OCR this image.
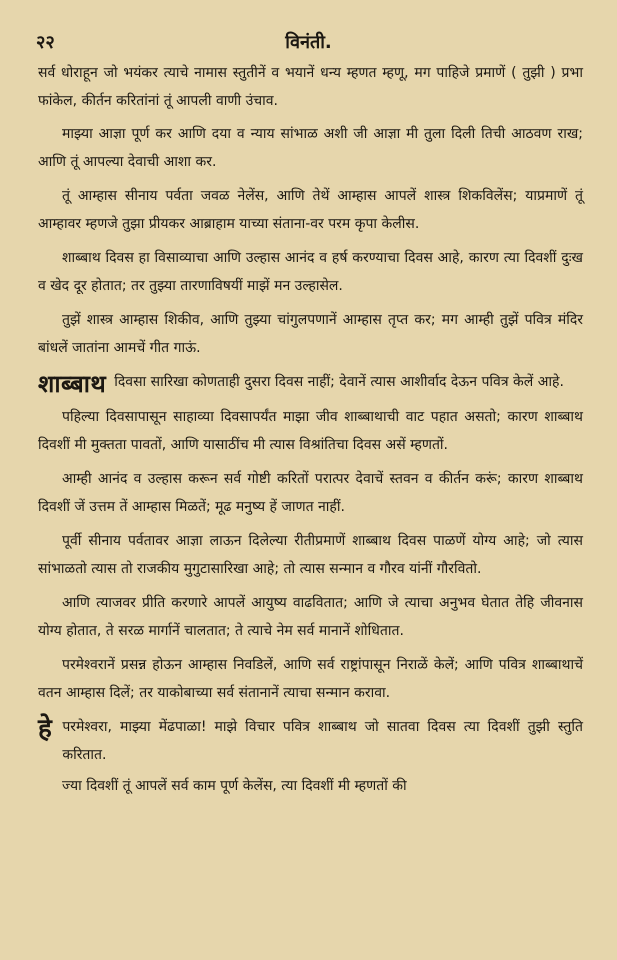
२२	विनंती.

सर्व धोराहून जो भयंकर त्याचे नामास स्तुतीनें व भयानें धन्य म्हणत म्हणू, मग पाहिजे प्रमाणें ( तुझी ) प्रभा फांकेल, कीर्तन करितांनां तूं आपली वाणी उंचाव.

माझ्या आज्ञा पूर्ण कर आणि दया व न्याय सांभाळ अशी जी आज्ञा मी तुला दिली तिची आठवण राख; आणि तूं आपल्या देवाची आशा कर.

तूं आम्हास सीनाय पर्वता जवळ नेलेंस, आणि तेथें आम्हास आपलें शास्त्र शिकविलेंस; याप्रमाणें तूं आम्हावर म्हणजे तुझा प्रीयकर आब्राहाम याच्या संताना-वर परम कृपा केलीस.

शाब्बाथ दिवस हा विसाव्याचा आणि उल्हास आनंद व हर्ष करण्याचा दिवस आहे, कारण त्या दिवशीं दुःख व खेद दूर होतात; तर तुझ्या तारणाविषयीं माझें मन उल्हासेल.

तुझें शास्त्र आम्हास शिकीव, आणि तुझ्या चांगुलपणानें आम्हास तृप्त कर; मग आम्ही तुझें पवित्र मंदिर बांधलें जातांना आमचें गीत गाऊं.

शाब्बाथ दिवसा सारिखा कोणताही दुसरा दिवस नाहीं; देवानें त्यास आशीर्वाद देऊन पवित्र केलें आहे.

पहिल्या दिवसापासून साहाव्या दिवसापर्यंत माझा जीव शाब्बाथाची वाट पहात असतो; कारण शाब्बाथ दिवशीं मी मुक्तता पावतों, आणि यासाठींच मी त्यास विश्रांतिचा दिवस असें म्हणतों.

आम्ही आनंद व उल्हास करून सर्व गोष्टी करितों परात्पर देवाचें स्तवन व कीर्तन करूं; कारण शाब्बाथ दिवशीं जें उत्तम तें आम्हास मिळतें; मूढ मनुष्य हें जाणत नाहीं.

पूर्वी सीनाय पर्वतावर आज्ञा लाऊन दिलेल्या रीतीप्रमाणें शाब्बाथ दिवस पाळणें योग्य आहे; जो त्यास सांभाळतो त्यास तो राजकीय मुगुटासारिखा आहे; तो त्यास सन्मान व गौरव यांनीं गौरवितो.

आणि त्याजवर प्रीति करणारे आपलें आयुष्य वाढवितात; आणि जे त्याचा अनुभव घेतात तेहि जीवनास योग्य होतात, ते सरळ मार्गानें चालतात; ते त्याचे नेम सर्व मानानें शोधितात.

परमेश्वरानें प्रसन्न होऊन आम्हास निवडिलें, आणि सर्व राष्ट्रांपासून निराळें केलें; आणि पवित्र शाब्बाथाचें वतन आम्हास दिलें; तर याकोबाच्या सर्व संतानानें त्याचा सन्मान करावा.

हे परमेश्वरा, माझ्या मेंढपाळा! माझे विचार पवित्र शाब्बाथ जो सातवा दिवस त्या दिवशीं तुझी स्तुति करितात.

ज्या दिवशीं तूं आपलें सर्व काम पूर्ण केलेंस, त्या दिवशीं मी म्हणतों की
